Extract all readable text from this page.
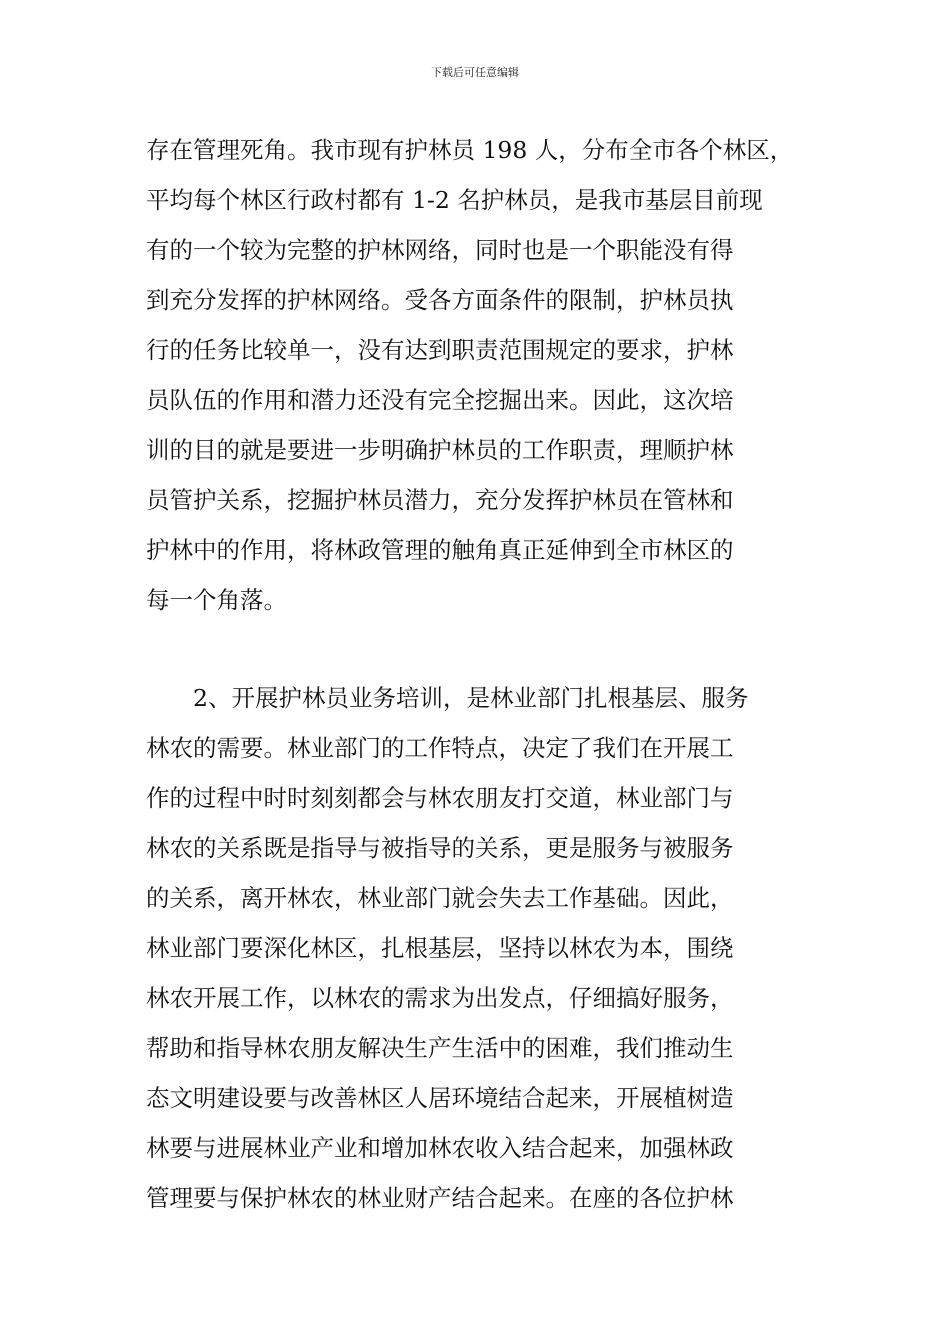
下载后可任意编辑
存在管理死角。我市现有护林员 198 人，分布全市各个林区，
平均每个林区行政村都有 1-2 名护林员，是我市基层目前现
有的一个较为完整的护林网络，同时也是一个职能没有得
到充分发挥的护林网络。受各方面条件的限制，护林员执
行的任务比较单一，没有达到职责范围规定的要求，护林
员队伍的作用和潜力还没有完全挖掘出来。因此，这次培
训的目的就是要进一步明确护林员的工作职责，理顺护林
员管护关系，挖掘护林员潜力，充分发挥护林员在管林和
护林中的作用，将林政管理的触角真正延伸到全市林区的
每一个角落。
2、开展护林员业务培训，是林业部门扎根基层、服务
林农的需要。林业部门的工作特点，决定了我们在开展工
作的过程中时时刻刻都会与林农朋友打交道，林业部门与
林农的关系既是指导与被指导的关系，更是服务与被服务
的关系，离开林农，林业部门就会失去工作基础。因此，
林业部门要深化林区，扎根基层，坚持以林农为本，围绕
林农开展工作，以林农的需求为出发点，仔细搞好服务，
帮助和指导林农朋友解决生产生活中的困难，我们推动生
态文明建设要与改善林区人居环境结合起来，开展植树造
林要与进展林业产业和增加林农收入结合起来，加强林政
管理要与保护林农的林业财产结合起来。在座的各位护林
